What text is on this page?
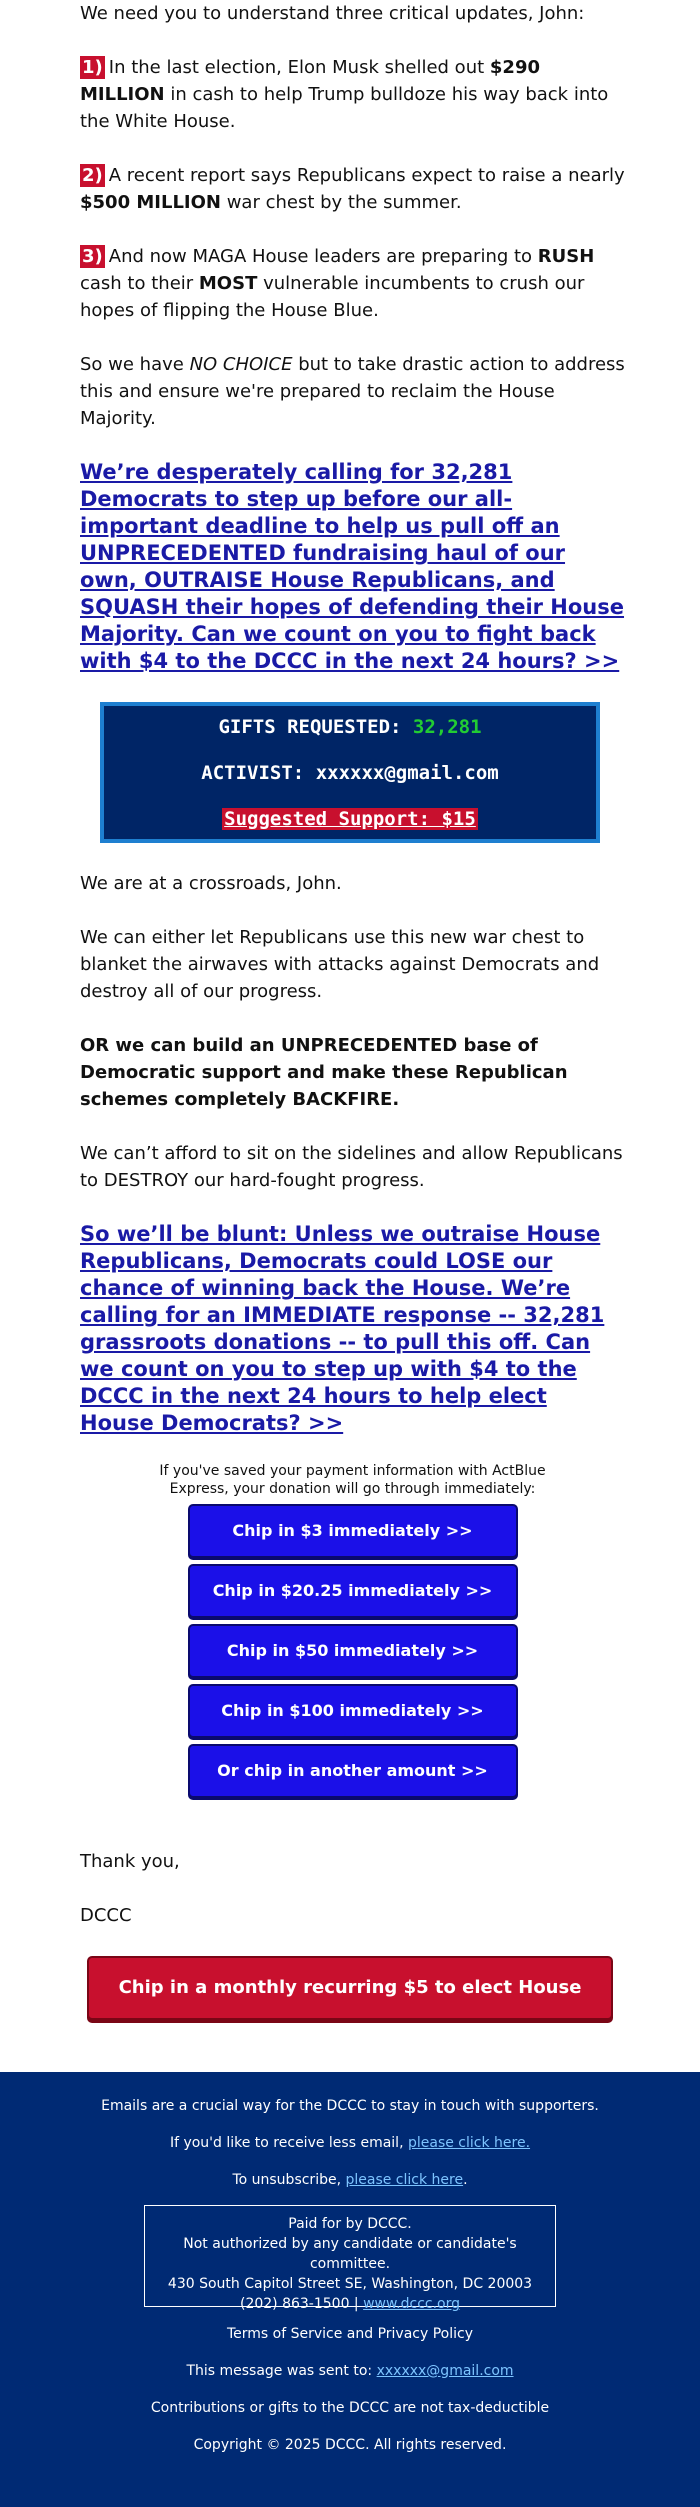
We need you to understand three critical updates, John:

1) In the last election, Elon Musk shelled out $290 MILLION in cash to help Trump bulldoze his way back into the White House.

2) A recent report says Republicans expect to raise a nearly $500 MILLION war chest by the summer.

3) And now MAGA House leaders are preparing to RUSH cash to their MOST vulnerable incumbents to crush our hopes of flipping the House Blue.

So we have NO CHOICE but to take drastic action to address this and ensure we're prepared to reclaim the House Majority.

We’re desperately calling for 32,281 Democrats to step up before our all-important deadline to help us pull off an UNPRECEDENTED fundraising haul of our own, OUTRAISE House Republicans, and SQUASH their hopes of defending their House Majority. Can we count on you to fight back with $4 to the DCCC in the next 24 hours? >>
GIFTS REQUESTED: 32,281
ACTIVIST: xxxxxx@gmail.com
Suggested Support: $15

We are at a crossroads, John.

We can either let Republicans use this new war chest to blanket the airwaves with attacks against Democrats and destroy all of our progress.

OR we can build an UNPRECEDENTED base of Democratic support and make these Republican schemes completely BACKFIRE.

We can’t afford to sit on the sidelines and allow Republicans to DESTROY our hard-fought progress.

So we’ll be blunt: Unless we outraise House Republicans, Democrats could LOSE our chance of winning back the House. We’re calling for an IMMEDIATE response -- 32,281 grassroots donations -- to pull this off. Can we count on you to step up with $4 to the DCCC in the next 24 hours to help elect House Democrats? >>
If you've saved your payment information with ActBlue Express, your donation will go through immediately:
Chip in $3 immediately >>
Chip in $20.25 immediately >>
Chip in $50 immediately >>
Chip in $100 immediately >>
Or chip in another amount >>

Thank you,

DCCC

Chip in a monthly recurring $5 to elect House Dems >>
Emails are a crucial way for the DCCC to stay in touch with supporters.
If you'd like to receive less email, please click here.
To unsubscribe, please click here.
Paid for by DCCC.
Not authorized by any candidate or candidate's committee.
430 South Capitol Street SE, Washington, DC 20003
(202) 863-1500 | www.dccc.org
Terms of Service and Privacy Policy
This message was sent to: xxxxxx@gmail.com
Contributions or gifts to the DCCC are not tax-deductible
Copyright © 2025 DCCC. All rights reserved.
